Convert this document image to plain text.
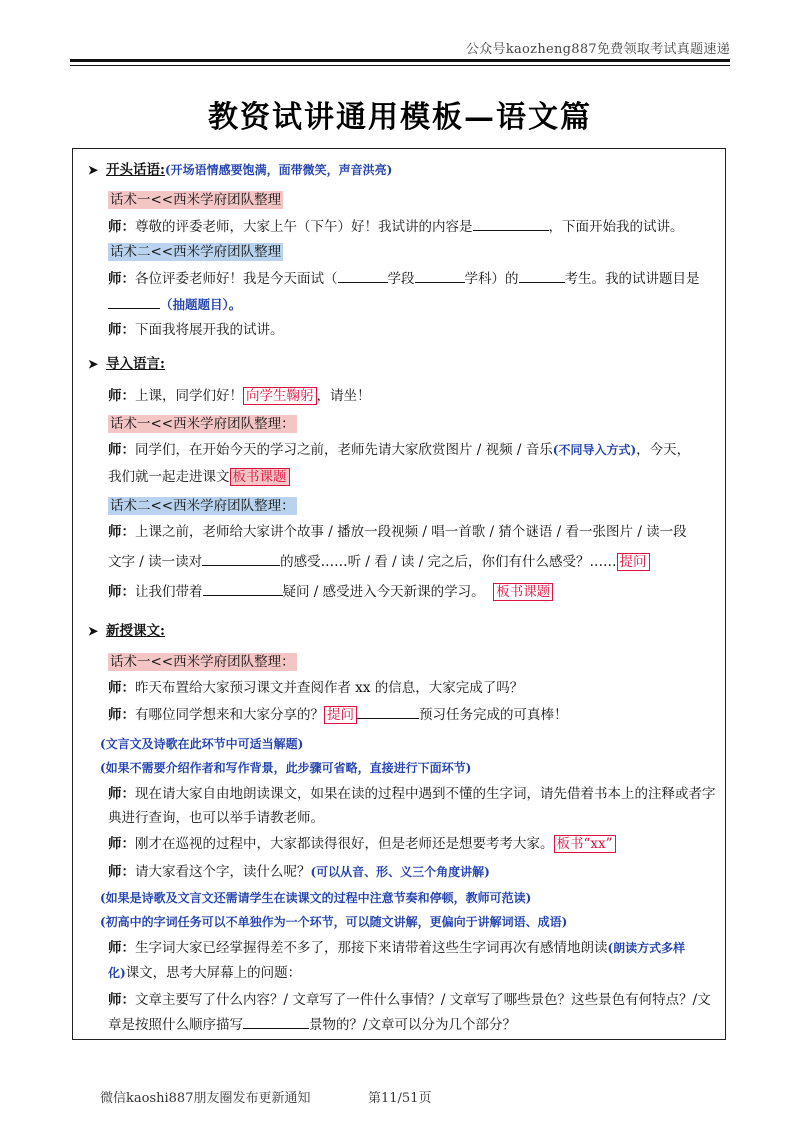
公众号kaozheng887免费领取考试真题速递
教资试讲通用模板—语文篇
➤ 开头话语:(开场语情感要饱满，面带微笑，声音洪亮)
话术一<<西米学府团队整理
师：尊敬的评委老师，大家上午（下午）好！我试讲的内容是	，下面开始我的试讲。
话术二<<西米学府团队整理
师：各位评委老师好！我是今天面试（	学段	学科）的	考生。我的试讲题目是
（抽题题目）。
师：下面我将展开我的试讲。
➤ 导入语言:
师：上课，同学们好！ 向学生鞠躬 ，请坐！
话术一<<西米学府团队整理：
师：同学们，在开始今天的学习之前，老师先请大家欣赏图片 / 视频 / 音乐(不同导入方式)，今天，
我们就一起走进课文 板书课题
话术二<<西米学府团队整理：
师：上课之前，老师给大家讲个故事 / 播放一段视频 / 唱一首歌 / 猜个谜语 / 看一张图片 / 读一段
文字 / 读一读对	的感受……听 / 看 / 读 / 完之后，你们有什么感受？…… 提问
师：让我们带着	疑问 / 感受进入今天新课的学习。 板书课题
➤ 新授课文:
话术一<<西米学府团队整理：
师：昨天布置给大家预习课文并查阅作者 xx 的信息，大家完成了吗？
师：有哪位同学想来和大家分享的？ 提问	预习任务完成的可真棒！
(文言文及诗歌在此环节中可适当解题)
(如果不需要介绍作者和写作背景，此步骤可省略，直接进行下面环节)
师：现在请大家自由地朗读课文，如果在读的过程中遇到不懂的生字词，请先借着书本上的注释或者字
典进行查询，也可以举手请教老师。
师：刚才在巡视的过程中，大家都读得很好，但是老师还是想要考考大家。 板书“xx”
师：请大家看这个字，读什么呢？(可以从音、形、义三个角度讲解)
(如果是诗歌及文言文还需请学生在读课文的过程中注意节奏和停顿，教师可范读)
(初高中的字词任务可以不单独作为一个环节，可以随文讲解，更偏向于讲解词语、成语)
师：生字词大家已经掌握得差不多了，那接下来请带着这些生字词再次有感情地朗读(朗读方式多样
化)课文，思考大屏幕上的问题：
师：文章主要写了什么内容？/ 文章写了一件什么事情？/ 文章写了哪些景色？这些景色有何特点？/文
章是按照什么顺序描写	景物的？/文章可以分为几个部分？
微信kaoshi887朋友圈发布更新通知	第11/51页
